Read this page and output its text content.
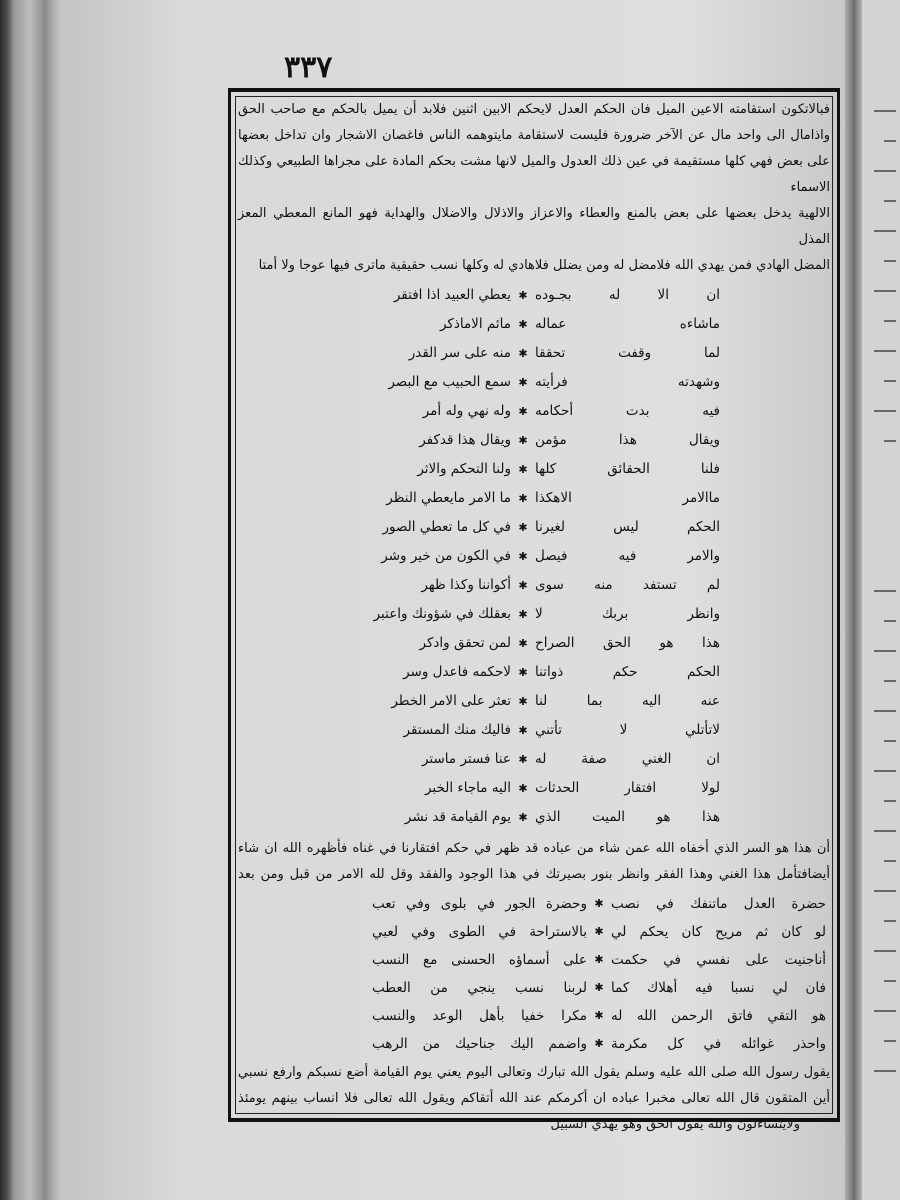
٣٣٧
فبالاتكون استقامته الاعين الميل فان الحكم العدل لايحكم الابين اثنين فلابد أن يميل بالحكم مع صاحب الحق
واذامال الى واحد مال عن الآخر ضرورة فليست لاستقامة مايتوهمه الناس فاغصان الاشجار وان تداخل بعضها
على بعض فهي كلها مستقيمة في عين ذلك العدول والميل لانها مشت بحكم المادة على مجراها الطبيعي وكذلك الاسماء
الالهية يدخل بعضها على بعض بالمنع والعطاء والاعزاز والاذلال والاضلال والهداية فهو المانع المعطي المعز المذل
المضل الهادي فمن يهدي الله فلامضل له ومن يضلل فلاهادي له وكلها نسب حقيقية ماترى فيها عوجا ولا أمتا
ان الا له بجـوده
✱
يعطي العبيد اذا افتقر
ماشاءه عماله
✱
مائم الاماذكر
لما وقفت تحققا
✱
منه على سر القدر
وشهدته فرأيته
✱
سمع الحبيب مع البصر
فيه بدت أحكامه
✱
وله نهي وله أمر
ويقال هذا مؤمن
✱
ويقال هذا قدكفر
فلنا الحقائق كلها
✱
ولنا التحكم والاثر
ماالامر الاهكذا
✱
ما الامر مايعطي النظر
الحكم ليس لغيرنا
✱
في كل ما تعطي الصور
والامر فيه فيصل
✱
في الكون من خير وشر
لم تستفد منه سوى
✱
أكواننا وكذا ظهر
وانظر بربك لا
✱
بعقلك في شؤونك واعتبر
هذا هو الحق الصراح
✱
لمن تحقق وادكر
الحكم حكم ذواتنا
✱
لاحكمه فاعدل وسر
عنه اليه بما لنا
✱
تعثر على الامر الخطر
لاتأتلي لا تأتني
✱
فاليك منك المستقر
ان الغني صفة له
✱
عنا فستر ماستر
لولا افتقار الحدثات
✱
اليه ماجاء الخبر
هذا هو الميت الذي
✱
يوم القيامة قد نشر
أن هذا هو السر الذي أخفاه الله عمن شاء من عباده قد ظهر في حكم افتقارنا في غناه فأظهره الله ان شاء
أيضافتأمل هذا الغني وهذا الفقر وانظر بنور بصيرتك في هذا الوجود والفقد وقل لله الامر من قبل ومن بعد
حضرة العدل ماتنفك في نصب
✱
وحضرة الجور في بلوى وفي تعب
لو كان ثم مريح كان يحكم لي
✱
بالاستراحة في الطوى وفي لعبي
أناجنيت على نفسي في حكمت
✱
على أسماؤه الحسنى مع النسب
فان لي نسبا فيه أهلاك كما
✱
لربنا نسب ينجي من العطب
هو التقي فاتق الرحمن الله له
✱
مكرا خفيا بأهل الوعد والنسب
واحذر غوائله في كل مكرمة
✱
واضمم اليك جناحيك من الرهب
يقول رسول الله صلى الله عليه وسلم يقول الله تبارك وتعالى اليوم يعني يوم القيامة أضع نسبكم وارفع نسبي
أين المتقون قال الله تعالى مخبرا عباده ان أكرمكم عند الله أتقاكم ويقول الله تعالى فلا انساب بينهم يومئذ
ولايتساءلون والله يقول الحق وهو يهدي السبيل
